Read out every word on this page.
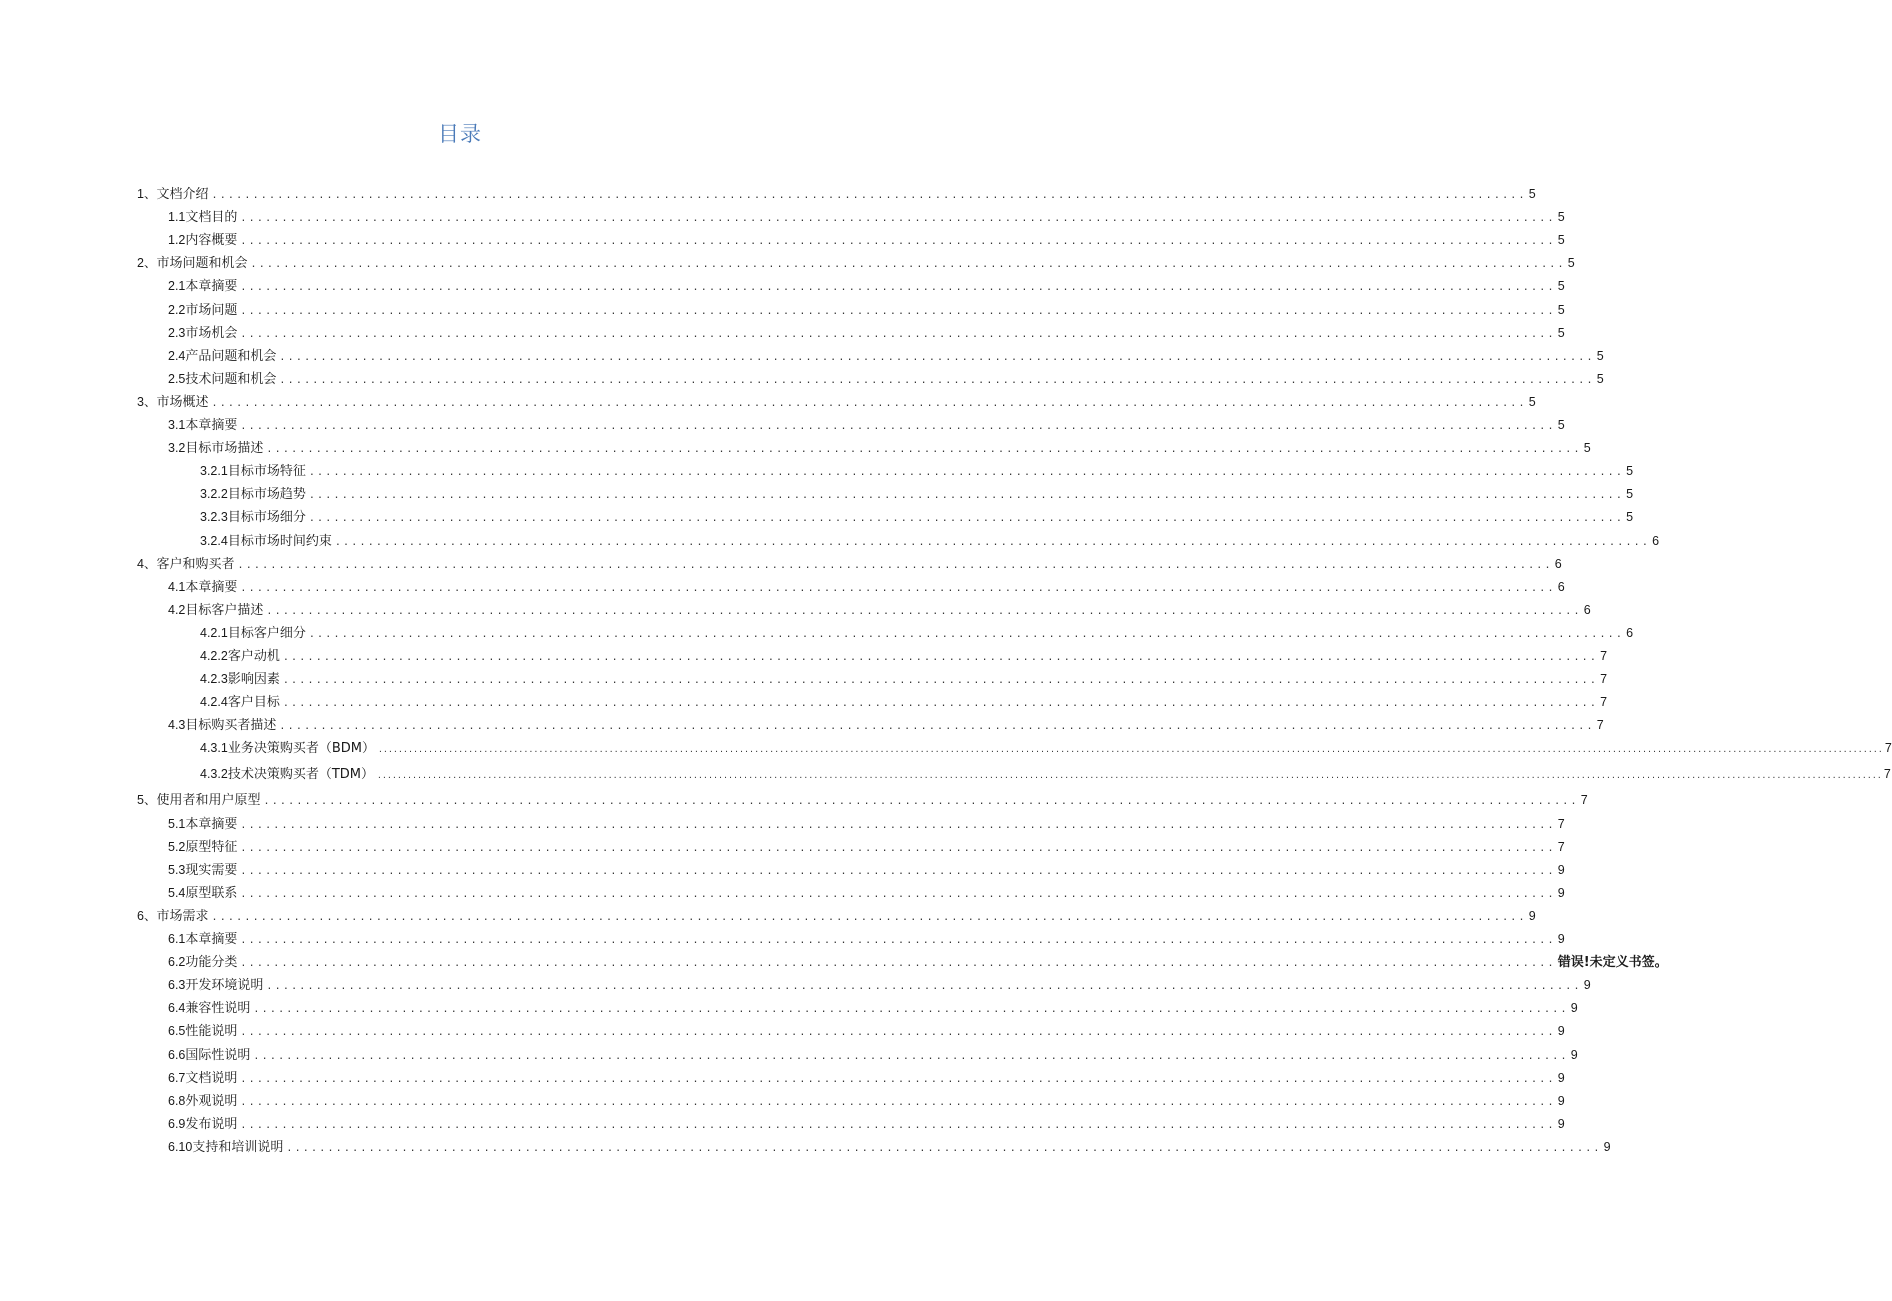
目录
1、 文档介绍 ................................................................................................................................................................ 5
1.1 文档目的 ................................................................................................................................................................ 5
1.2 内容概要 ................................................................................................................................................................ 5
2、 市场问题和机会 ................................................................................................................................................................ 5
2.1 本章摘要 ................................................................................................................................................................ 5
2.2 市场问题 ................................................................................................................................................................ 5
2.3 市场机会 ................................................................................................................................................................ 5
2.4 产品问题和机会 ................................................................................................................................................................ 5
2.5 技术问题和机会 ................................................................................................................................................................ 5
3、 市场概述 ................................................................................................................................................................ 5
3.1 本章摘要 ................................................................................................................................................................ 5
3.2 目标市场描述 ................................................................................................................................................................ 5
3.2.1 目标市场特征 ................................................................................................................................................................ 5
3.2.2 目标市场趋势 ................................................................................................................................................................ 5
3.2.3 目标市场细分 ................................................................................................................................................................ 5
3.2.4 目标市场时间约束 ................................................................................................................................................................ 6
4、 客户和购买者 ................................................................................................................................................................ 6
4.1 本章摘要 ................................................................................................................................................................ 6
4.2 目标客户描述 ................................................................................................................................................................ 6
4.2.1 目标客户细分 ................................................................................................................................................................ 6
4.2.2 客户动机 ................................................................................................................................................................ 7
4.2.3 影响因素 ................................................................................................................................................................ 7
4.2.4 客户目标 ................................................................................................................................................................ 7
4.3 目标购买者描述 ................................................................................................................................................................ 7
4.3.1 业务决策购买者（BDM） ............................................................................................................................................................................................................................................................................................................ 7
4.3.2 技术决策购买者（TDM） ............................................................................................................................................................................................................................................................................................................ 7
5、 使用者和用户原型 ................................................................................................................................................................ 7
5.1 本章摘要 ................................................................................................................................................................ 7
5.2 原型特征 ................................................................................................................................................................ 7
5.3 现实需要 ................................................................................................................................................................ 9
5.4 原型联系 ................................................................................................................................................................ 9
6、 市场需求 ................................................................................................................................................................ 9
6.1 本章摘要 ................................................................................................................................................................ 9
6.2 功能分类 ................................................................................................................................................................ 错误!未定义书签。
6.3 开发环境说明 ................................................................................................................................................................ 9
6.4 兼容性说明 ................................................................................................................................................................ 9
6.5 性能说明 ................................................................................................................................................................ 9
6.6 国际性说明 ................................................................................................................................................................ 9
6.7 文档说明 ................................................................................................................................................................ 9
6.8 外观说明 ................................................................................................................................................................ 9
6.9 发布说明 ................................................................................................................................................................ 9
6.10 支持和培训说明 ................................................................................................................................................................ 9
